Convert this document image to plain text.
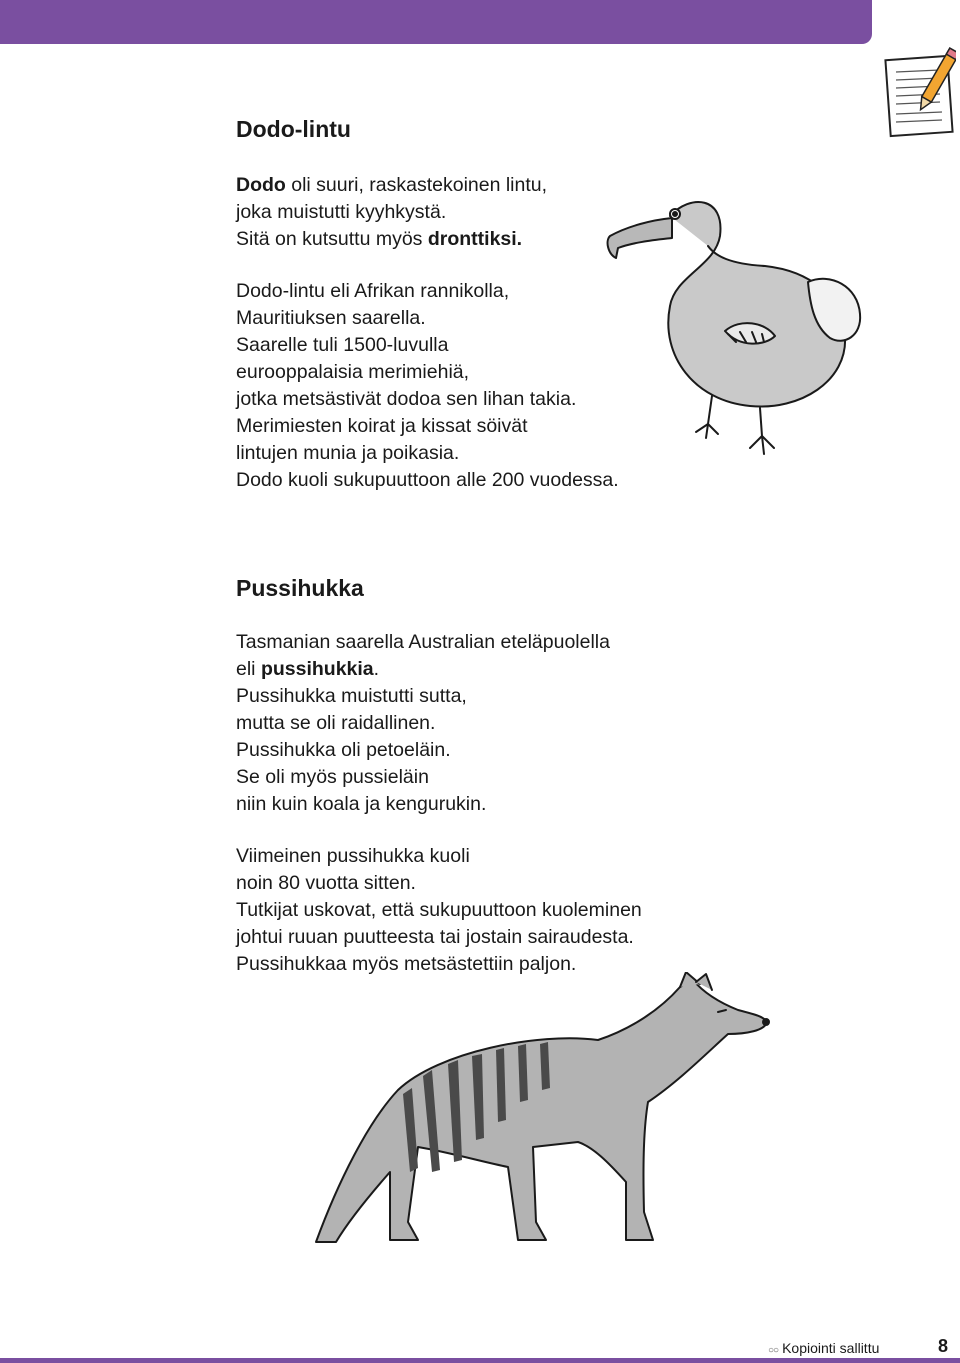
Dodo-lintu

Dodo oli suuri, raskastekoinen lintu,
joka muistutti kyyhkystä.
Sitä on kutsuttu myös dronttiksi.

Dodo-lintu eli Afrikan rannikolla,
Mauritiuksen saarella.
Saarelle tuli 1500-luvulla
eurooppalaisia merimiehiä,
jotka metsästivät dodoa sen lihan takia.
Merimiesten koirat ja kissat söivät
lintujen munia ja poikasia.
Dodo kuoli sukupuuttoon alle 200 vuodessa.

Pussihukka

Tasmanian saarella Australian eteläpuolella
eli pussihukkia.
Pussihukka muistutti sutta,
mutta se oli raidallinen.
Pussihukka oli petoeläin.
Se oli myös pussieläin
niin kuin koala ja kengurukin.

Viimeinen pussihukka kuoli
noin 80 vuotta sitten.
Tutkijat uskovat, että sukupuuttoon kuoleminen
johtui ruuan puutteesta tai jostain sairaudesta.
Pussihukkaa myös metsästettiin paljon.

○○ Kopiointi sallittu	8
